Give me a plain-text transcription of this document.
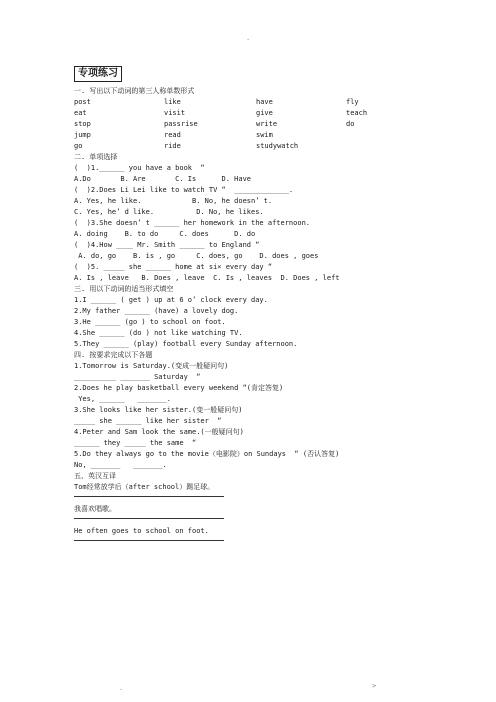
.
专项练习
一. 写出以下动词的第三人称单数形式
post	like	have	fly
eat	visit	give	teach
stop	passrise	write	do
jump	read	swim
go	ride	studywatch
二. 单项选择
(  )1.______ you have a book  “
A.Do       B. Are       C. Is      D. Have
(  )2.Does Li Lei like to watch TV “  _____________.
A. Yes, he like.            B. No, he doesn’ t.
C. Yes, he’ d like.          D. No, he likes.
(  )3.She doesn’ t ______ her homework in the afternoon.
A. doing    B. to do     C. does      D. do
(  )4.How ____ Mr. Smith ______ to England “
A. do, go    B. is , go     C. does, go    D. does , goes
(  )5. _____ she ______ home at si× every day “
A. Is , leave   B. Does , leave  C. Is , leaves  D. Does , left
三. 用以下动词的适当形式填空
1.I ______ ( get ) up at 6 o’ clock every day.
2.My father ______ (have) a lovely dog.
3.He ______ (go ) to school on foot.
4.She ______ (do ) not like watching TV.
5.They ______ (play) football every Sunday afternoon.
四. 按要求完成以下各题
1.Tomorrow is Saturday.(变成一般疑问句)
__________ _______ Saturday  “
2.Does he play basketball every weekend “(肯定答复)
Yes, ______   _______.
3.She looks like her sister.(变一般疑问句)
_____ she ______ like her sister  “
4.Peter and Sam look the same.(一般疑问句)
______ they _____ the same  “
5.Do they always go to the movie（电影院）on Sundays  “ (否认答复)
No, _______   _______.
五、英汉互译
Tom经常放学后（after school）踢足球。
我喜欢唱歌。
He often goes to school on foot.
.	>
